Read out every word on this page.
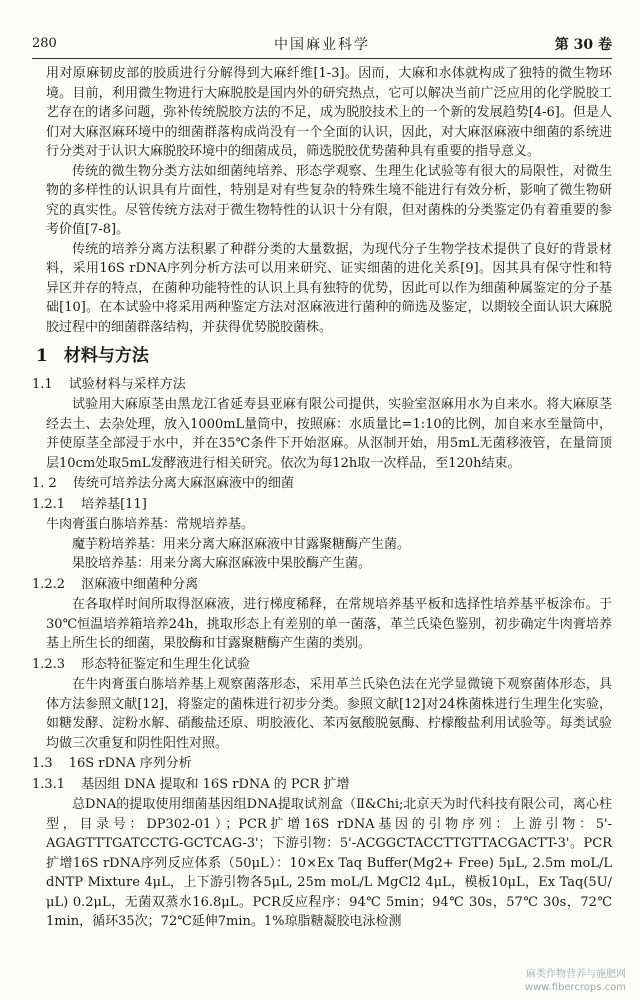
280	中国麻业科学	第 30 卷

用对原麻韧皮部的胶质进行分解得到大麻纤维[1-3]。因而，大麻和水体就构成了独特的微生物环境。目前，利用微生物进行大麻脱胶是国内外的研究热点，它可以解决当前广泛应用的化学脱胶工艺存在的诸多问题，弥补传统脱胶方法的不足，成为脱胶技术上的一个新的发展趋势[4-6]。但是人们对大麻沤麻环境中的细菌群落构成尚没有一个全面的认识，因此，对大麻沤麻液中细菌的系统进行分类对于认识大麻脱胶环境中的细菌成员，筛选脱胶优势菌种具有重要的指导意义。

传统的微生物分类方法如细菌纯培养、形态学观察、生理生化试验等有很大的局限性，对微生物的多样性的认识具有片面性，特别是对有些复杂的特殊生境不能进行有效分析，影响了微生物研究的真实性。尽管传统方法对于微生物特性的认识十分有限，但对菌株的分类鉴定仍有着重要的参考价值[7-8]。

传统的培养分离方法积累了种群分类的大量数据，为现代分子生物学技术提供了良好的背景材料，采用16S rDNA序列分析方法可以用来研究、证实细菌的进化关系[9]。因其具有保守性和特异区并存的特点，在菌种功能特性的认识上具有独特的优势，因此可以作为细菌种属鉴定的分子基础[10]。在本试验中将采用两种鉴定方法对沤麻液进行菌种的筛选及鉴定，以期较全面认识大麻脱胶过程中的细菌群落结构，并获得优势脱胶菌株。

1 材料与方法
1.1 试验材料与采样方法

试验用大麻原茎由黑龙江省延寿县亚麻有限公司提供，实验室沤麻用水为自来水。将大麻原茎经去土、去杂处理，放入1000mL量筒中，按照麻：水质量比=1:10的比例，加自来水至量筒中，并使原茎全部浸于水中，并在35℃条件下开始沤麻。从沤制开始，用5mL无菌移液管，在量筒顶层10cm处取5mL发酵液进行相关研究。依次为每12h取一次样品，至120h结束。

1. 2 传统可培养法分离大麻沤麻液中的细菌
1.2.1 培养基[11]

牛肉膏蛋白胨培养基：常规培养基。

魔芋粉培养基：用来分离大麻沤麻液中甘露聚糖酶产生菌。

果胶培养基：用来分离大麻沤麻液中果胶酶产生菌。

1.2.2 沤麻液中细菌种分离

在各取样时间所取得沤麻液，进行梯度稀释，在常规培养基平板和选择性培养基平板涂布。于30℃恒温培养箱培养24h，挑取形态上有差别的单一菌落，革兰氏染色鉴别，初步确定牛肉膏培养基上所生长的细菌，果胶酶和甘露聚糖酶产生菌的类别。

1.2.3 形态特征鉴定和生理生化试验

在牛肉膏蛋白胨培养基上观察菌落形态，采用革兰氏染色法在光学显微镜下观察菌体形态，具体方法参照文献[12]，将鉴定的菌株进行初步分类。参照文献[12]对24株菌株进行生理生化实验，如糖发酵、淀粉水解、硝酸盐还原、明胶液化、苯丙氨酸脱氨酶、柠檬酸盐利用试验等。每类试验均做三次重复和阴性阳性对照。

1.3 16S rDNA 序列分析
1.3.1 基因组 DNA 提取和 16S rDNA 的 PCR 扩增

总DNA的提取使用细菌基因组DNA提取试剂盒（Ⅱ&Chi;北京天为时代科技有限公司，离心柱型，目录号：DP302-01）；PCR扩增16S rDNA基因的引物序列：上游引物：5'-AGAGTTTGATCCTG-GCTCAG-3'；下游引物：5'-ACGGCTACCTTGTTACGACTT-3'。PCR扩增16S rDNA序列反应体系（50μL）：10×Ex Taq Buffer(Mg2+ Free) 5μL, 2.5m moL/L dNTP Mixture 4μL，上下游引物各5μL, 25m moL/L MgCl2 4μL，模板10μL，Ex Taq(5U/μL) 0.2μL，无菌双蒸水16.8μL。PCR反应程序：94℃ 5min；94℃ 30s，57℃ 30s，72℃ 1min，循环35次；72℃延伸7min。1%琼脂糖凝胶电泳检测

麻类作物营养与施肥网
www.fibercrops.com
